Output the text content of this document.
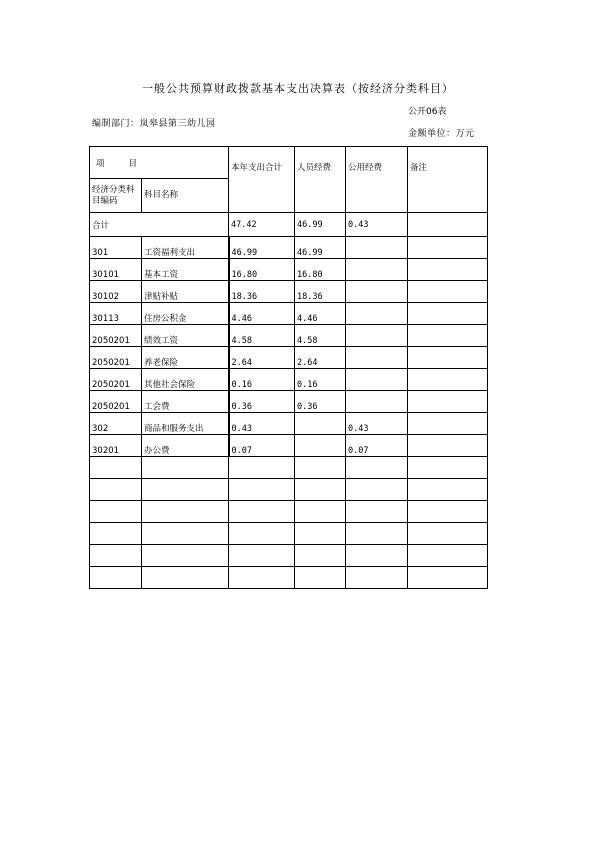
一般公共预算财政拨款基本支出决算表（按经济分类科目）
公开06表
编制部门：岚皋县第三幼儿园
金额单位：万元
项 目		本年支出合计	人员经费	公用经费	备注
经济分类科目编码	科目名称				
合计		47.42	46.99	0.43	
301	工资福利支出	46.99	46.99		
30101	基本工资	16.80	16.80		
30102	津贴补贴	18.36	18.36		
30113	住房公积金	4.46	4.46		
2050201	绩效工资	4.58	4.58		
2050201	养老保险	2.64	2.64		
2050201	其他社会保险	0.16	0.16		
2050201	工会费	0.36	0.36		
302	商品和服务支出	0.43		0.43	
30201	办公费	0.07		0.07	
